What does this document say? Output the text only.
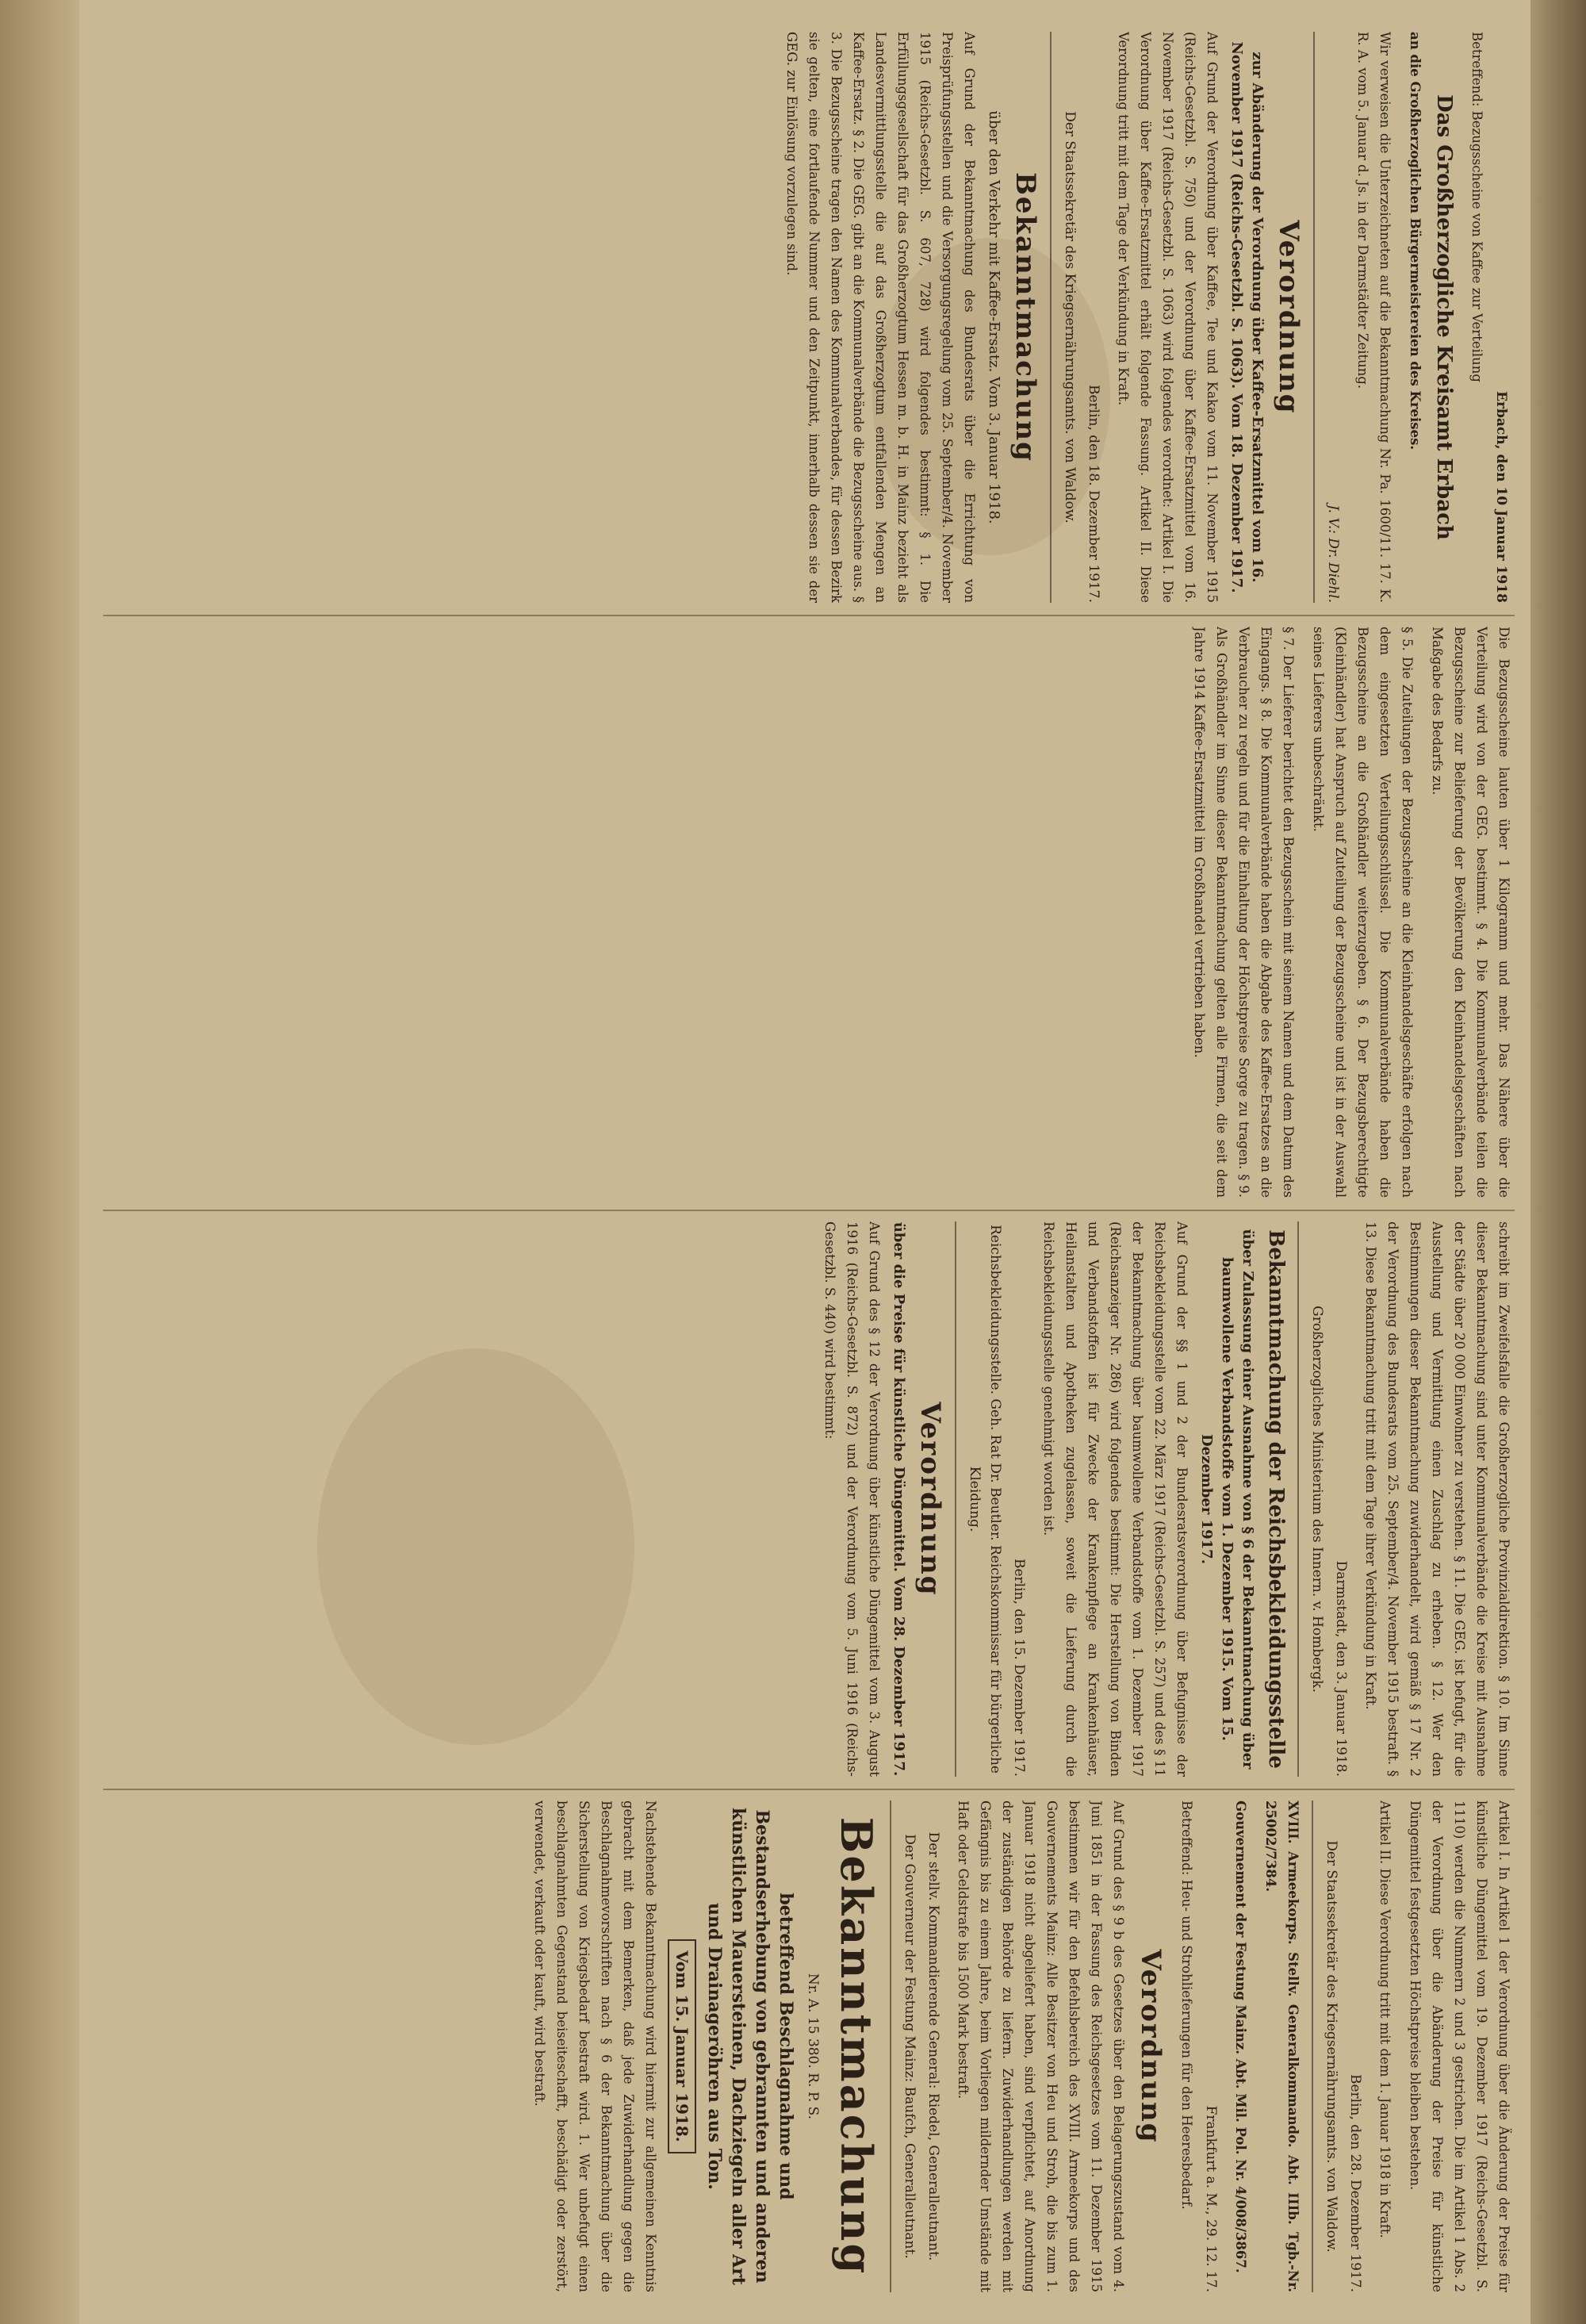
Erbach, den 10 Januar 1918

Betreffend: Bezugsscheine von Kaffee zur Verteilung

Das Großherzogliche Kreisamt Erbach

an die Großherzoglichen Bürgermeistereien des Kreises.

Wir verweisen die Unterzeichneten auf die Bekanntmachung Nr. Pa. 1600/11. 17. K. R. A. vom 5. Januar d. Js. in der Darmstädter Zeitung.

J. V.: Dr. Diehl.
Verordnung
zur Abänderung der Verordnung über Kaffee-Ersatzmittel vom 16. November 1917 (Reichs-Gesetzbl. S. 1063). Vom 18. Dezember 1917.

Auf Grund der Verordnung über Kaffee, Tee und Kakao vom 11. November 1915 (Reichs-Gesetzbl. S. 750) und der Verordnung über Kaffee-Ersatzmittel vom 16. November 1917 (Reichs-Gesetzbl. S. 1063) wird folgendes verordnet: Artikel I. Die Verordnung über Kaffee-Ersatzmittel erhält folgende Fassung. Artikel II. Diese Verordnung tritt mit dem Tage der Verkündung in Kraft.

Berlin, den 18. Dezember 1917.
Der Staatssekretär des Kriegsernährungsamts. von Waldow.
Bekanntmachung
über den Verkehr mit Kaffee-Ersatz. Vom 3. Januar 1918.

Auf Grund der Bekanntmachung des Bundesrats über die Errichtung von Preisprüfungsstellen und die Versorgungsregelung vom 25. September/4. November 1915 (Reichs-Gesetzbl. S. 607, 728) wird folgendes bestimmt: § 1. Die Erfüllungsgesellschaft für das Großherzogtum Hessen m. b. H. in Mainz bezieht als Landesvermittlungsstelle die auf das Großherzogtum entfallenden Mengen an Kaffee-Ersatz. § 2. Die GEG. gibt an die Kommunalverbände die Bezugsscheine aus. § 3. Die Bezugsscheine tragen den Namen des Kommunalverbandes, für dessen Bezirk sie gelten, eine fortlaufende Nummer und den Zeitpunkt, innerhalb dessen sie der GEG. zur Einlösung vorzulegen sind.

Die Bezugsscheine lauten über 1 Kilogramm und mehr. Das Nähere über die Verteilung wird von der GEG. bestimmt. § 4. Die Kommunalverbände teilen die Bezugsscheine zur Belieferung der Bevölkerung den Kleinhandelsgeschäften nach Maßgabe des Bedarfs zu.

§ 5. Die Zuteilungen der Bezugsscheine an die Kleinhandelsgeschäfte erfolgen nach dem eingesetzten Verteilungsschlüssel. Die Kommunalverbände haben die Bezugsscheine an die Großhändler weiterzugeben. § 6. Der Bezugsberechtigte (Kleinhändler) hat Anspruch auf Zuteilung der Bezugsscheine und ist in der Auswahl seines Lieferers unbeschränkt.

§ 7. Der Lieferer berichtet den Bezugsschein mit seinem Namen und dem Datum des Eingangs. § 8. Die Kommunalverbände haben die Abgabe des Kaffee-Ersatzes an die Verbraucher zu regeln und für die Einhaltung der Höchstpreise Sorge zu tragen. § 9. Als Großhändler im Sinne dieser Bekanntmachung gelten alle Firmen, die seit dem Jahre 1914 Kaffee-Ersatzmittel im Großhandel vertrieben haben.

schreibt im Zweifelsfalle die Großherzogliche Provinzialdirektion. § 10. Im Sinne dieser Bekanntmachung sind unter Kommunalverbände die Kreise mit Ausnahme der Städte über 20 000 Einwohner zu verstehen. § 11. Die GEG. ist befugt, für die Ausstellung und Vermittlung einen Zuschlag zu erheben. § 12. Wer den Bestimmungen dieser Bekanntmachung zuwiderhandelt, wird gemäß § 17 Nr. 2 der Verordnung des Bundesrats vom 25. September/4. November 1915 bestraft. § 13. Diese Bekanntmachung tritt mit dem Tage ihrer Verkündung in Kraft.

Darmstadt, den 3. Januar 1918.
Großherzogliches Ministerium des Innern. v. Hombergk.
Bekanntmachung der Reichsbekleidungsstelle
über Zulassung einer Ausnahme von § 6 der Bekanntmachung über baumwollene Verbandstoffe vom 1. Dezember 1915. Vom 15. Dezember 1917.

Auf Grund der §§ 1 und 2 der Bundesratsverordnung über Befugnisse der Reichsbekleidungsstelle vom 22. März 1917 (Reichs-Gesetzbl. S. 257) und des § 11 der Bekanntmachung über baumwollene Verbandstoffe vom 1. Dezember 1917 (Reichsanzeiger Nr. 286) wird folgendes bestimmt: Die Herstellung von Binden und Verbandstoffen ist für Zwecke der Krankenpflege an Krankenhäuser, Heilanstalten und Apotheken zugelassen, soweit die Lieferung durch die Reichsbekleidungsstelle genehmigt worden ist.

Berlin, den 15. Dezember 1917.
Reichsbekleidungsstelle. Geh. Rat Dr. Beutler. Reichskommissar für bürgerliche Kleidung.
Verordnung
über die Preise für künstliche Düngemittel. Vom 28. Dezember 1917.

Auf Grund des § 12 der Verordnung über künstliche Düngemittel vom 3. August 1916 (Reichs-Gesetzbl. S. 872) und der Verordnung vom 5. Juni 1916 (Reichs-Gesetzbl. S. 440) wird bestimmt:

Artikel I. In Artikel 1 der Verordnung über die Änderung der Preise für künstliche Düngemittel vom 19. Dezember 1917 (Reichs-Gesetzbl. S. 1110) werden die Nummern 2 und 3 gestrichen. Die im Artikel 1 Abs. 2 der Verordnung über die Abänderung der Preise für künstliche Düngemittel festgesetzten Höchstpreise bleiben bestehen.

Artikel II. Diese Verordnung tritt mit dem 1. Januar 1918 in Kraft.

Berlin, den 28. Dezember 1917.
Der Staatssekretär des Kriegsernährungsamts. von Waldow.

XVIII. Armeekorps. Stellv. Generalkommando. Abt. IIIb. Tgb.-Nr. 25002/7384.

Gouvernement der Festung Mainz. Abt. Mil. Pol. Nr. 4/008/3867.

Frankfurt a. M., 29. 12. 17.

Betreffend: Heu- und Strohlieferungen für den Heeresbedarf.

Verordnung

Auf Grund des § 9 b des Gesetzes über den Belagerungszustand vom 4. Juni 1851 in der Fassung des Reichsgesetzes vom 11. Dezember 1915 bestimmen wir für den Befehlsbereich des XVIII. Armeekorps und des Gouvernements Mainz: Alle Besitzer von Heu und Stroh, die bis zum 1. Januar 1918 nicht abgeliefert haben, sind verpflichtet, auf Anordnung der zuständigen Behörde zu liefern. Zuwiderhandlungen werden mit Gefängnis bis zu einem Jahre, beim Vorliegen mildernder Umstände mit Haft oder Geldstrafe bis 1500 Mark bestraft.

Der stellv. Kommandierende General: Riedel, Generalleutnant.
Der Gouverneur der Festung Mainz: Baufch, Generalleutnant.
Bekanntmachung
Nr. A. 15 380. R. P. S.
betreffend Beschlagnahme und Bestandserhebung von gebrannten und anderen künstlichen Mauersteinen, Dachziegeln aller Art und Drainageröhren aus Ton.
Vom 15. Januar 1918.

Nachstehende Bekanntmachung wird hiermit zur allgemeinen Kenntnis gebracht mit dem Bemerken, daß jede Zuwiderhandlung gegen die Beschlagnahmevorschriften nach § 6 der Bekanntmachung über die Sicherstellung von Kriegsbedarf bestraft wird. 1. Wer unbefugt einen beschlagnahmten Gegenstand beiseiteschafft, beschädigt oder zerstört, verwendet, verkauft oder kauft, wird bestraft.
